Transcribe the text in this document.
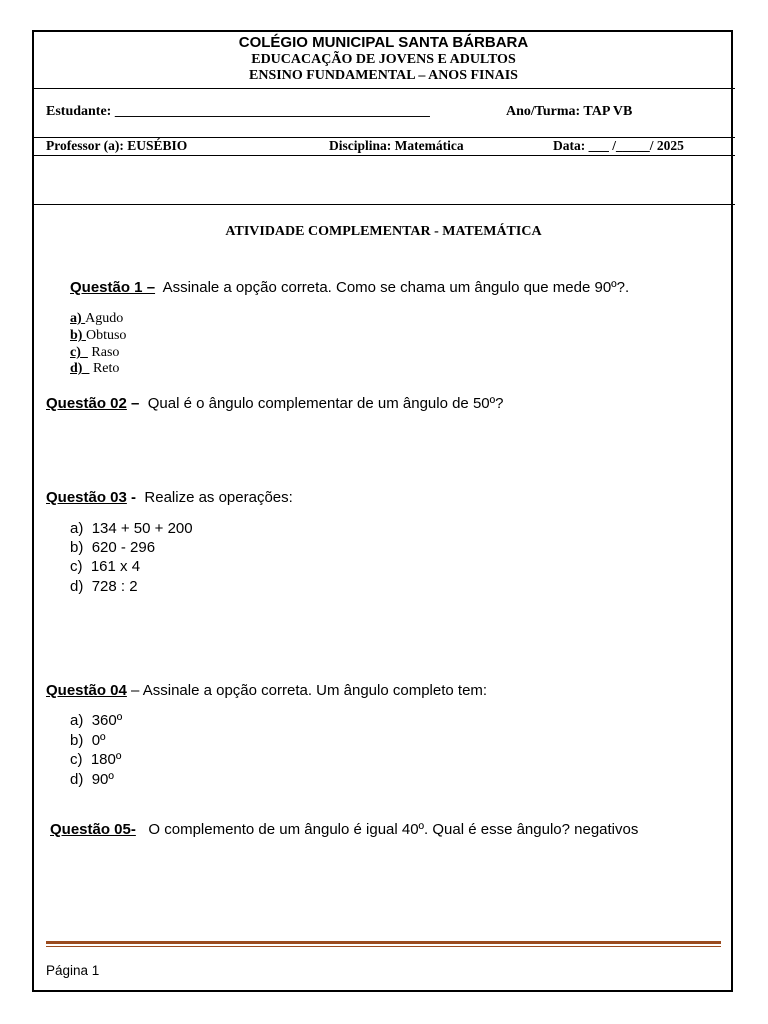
COLÉGIO MUNICIPAL SANTA BÁRBARA
EDUCACAÇÃO DE JOVENS E ADULTOS
ENSINO FUNDAMENTAL – ANOS FINAIS
Estudante: _____________________________________________	Ano/Turma: TAP VB
Professor (a): EUSÉBIO	Disciplina: Matemática	Data: ___ /_____/ 2025
ATIVIDADE COMPLEMENTAR - MATEMÁTICA
Questão 1 – Assinale a opção correta. Como se chama um ângulo que mede 90º?.
a) Agudo
b) Obtuso
c) Raso
d) Reto
Questão 02 – Qual é o ângulo complementar de um ângulo de 50º?
Questão 03 - Realize as operações:
a) 134 + 50 + 200
b) 620 - 296
c) 161 x 4
d) 728 : 2
Questão 04 – Assinale a opção correta. Um ângulo completo tem:
a) 360º
b) 0º
c) 180º
d) 90º
Questão 05- O complemento de um ângulo é igual 40º. Qual é esse ângulo? negativos
Página 1
